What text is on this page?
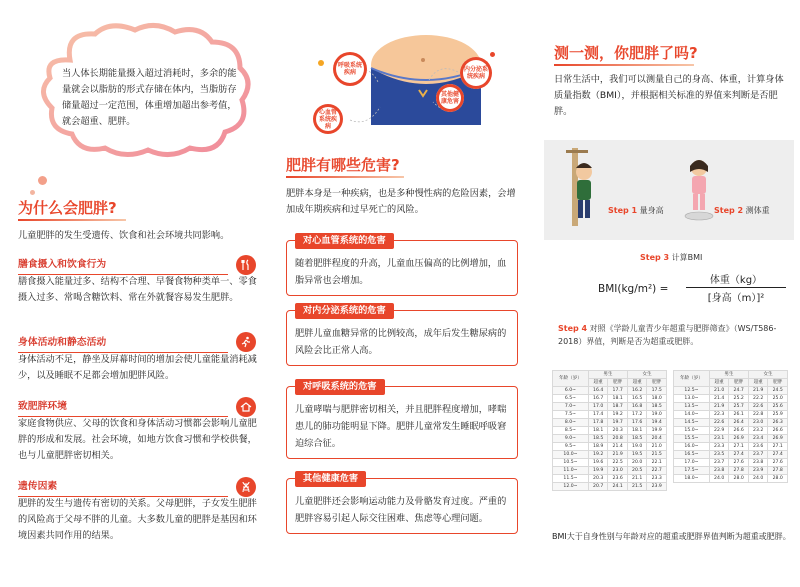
当人体长期能量摄入超过消耗时，多余的能量就会以脂肪的形式存储在体内，当脂肪存储量超过一定范围，体重增加超出参考值，就会超重、肥胖。
为什么会肥胖?
儿童肥胖的发生受遗传、饮食和社会环境共同影响。
膳食摄入和饮食行为
膳食摄入能量过多、结构不合理、早餐食物种类单一、零食摄入过多、常喝含糖饮料、常在外就餐容易发生肥胖。
身体活动和静态活动
身体活动不足，静坐及屏幕时间的增加会使儿童能量消耗减少，以及睡眠不足都会增加肥胖风险。
致肥胖环境
家庭食物供应、父母的饮食和身体活动习惯都会影响儿童肥胖的形成和发展。社会环境，如地方饮食习惯和学校供餐，也与儿童肥胖密切相关。
遗传因素
肥胖的发生与遗传有密切的关系。父母肥胖，子女发生肥胖的风险高于父母不胖的儿童。大多数儿童的肥胖是基因和环境因素共同作用的结果。
呼吸系统疾病	内分泌系统疾病
其他健康危害
心血管系统疾病
肥胖有哪些危害?
肥胖本身是一种疾病，也是多种慢性病的危险因素，会增加成年期疾病和过早死亡的风险。
对心血管系统的危害
随着肥胖程度的升高，儿童血压偏高的比例增加，血脂异常也会增加。
对内分泌系统的危害
肥胖儿童血糖异常的比例较高，成年后发生糖尿病的风险会比正常人高。
对呼吸系统的危害
儿童哮喘与肥胖密切相关，并且肥胖程度增加，哮喘患儿的肺功能明显下降。肥胖儿童常发生睡眠呼吸窘迫综合征。
其他健康危害
儿童肥胖还会影响运动能力及骨骼发育过度。严重的肥胖容易引起人际交往困难、焦虑等心理问题。
测一测，你肥胖了吗?
日常生活中，我们可以测量自己的身高、体重，计算身体质量指数（BMI），并根据相关标准的界值来判断是否肥胖。
Step 1 量身高	Step 2 测体重
Step 3 计算BMI
BMI(kg/m²) =
体重（kg）
[身高（m）]²
Step 4 对照《学龄儿童青少年超重与肥胖筛查》（WS/T586-2018）界值，判断是否为超重或肥胖。
年龄（岁）	男生		女生	
	超重	肥胖	超重	肥胖
6.0~	16.4	17.7	16.2	17.5
6.5~	16.7	18.1	16.5	18.0
7.0~	17.0	18.7	16.8	18.5
7.5~	17.4	19.2	17.2	19.0
8.0~	17.8	19.7	17.6	19.4
8.5~	18.1	20.3	18.1	19.9
9.0~	18.5	20.8	18.5	20.4
9.5~	18.9	21.4	19.0	21.0
10.0~	19.2	21.9	19.5	21.5
10.5~	19.6	22.5	20.0	22.1
11.0~	19.9	23.0	20.5	22.7
11.5~	20.3	23.6	21.1	23.3
12.0~	20.7	24.1	21.5	23.9
年龄（岁）	男生		女生	
	超重	肥胖	超重	肥胖
12.5~	21.0	24.7	21.9	24.5
13.0~	21.4	25.2	22.2	25.0
13.5~	21.9	25.7	22.6	25.6
14.0~	22.3	26.1	22.8	25.9
14.5~	22.6	26.4	23.0	26.3
15.0~	22.9	26.6	23.2	26.6
15.5~	23.1	26.9	23.4	26.9
16.0~	23.3	27.1	23.6	27.1
16.5~	23.5	27.4	23.7	27.4
17.0~	23.7	27.6	23.8	27.6
17.5~	23.8	27.8	23.9	27.8
18.0~	24.0	28.0	24.0	28.0
BMI大于自身性别与年龄对应的超重或肥胖界值判断为超重或肥胖。
